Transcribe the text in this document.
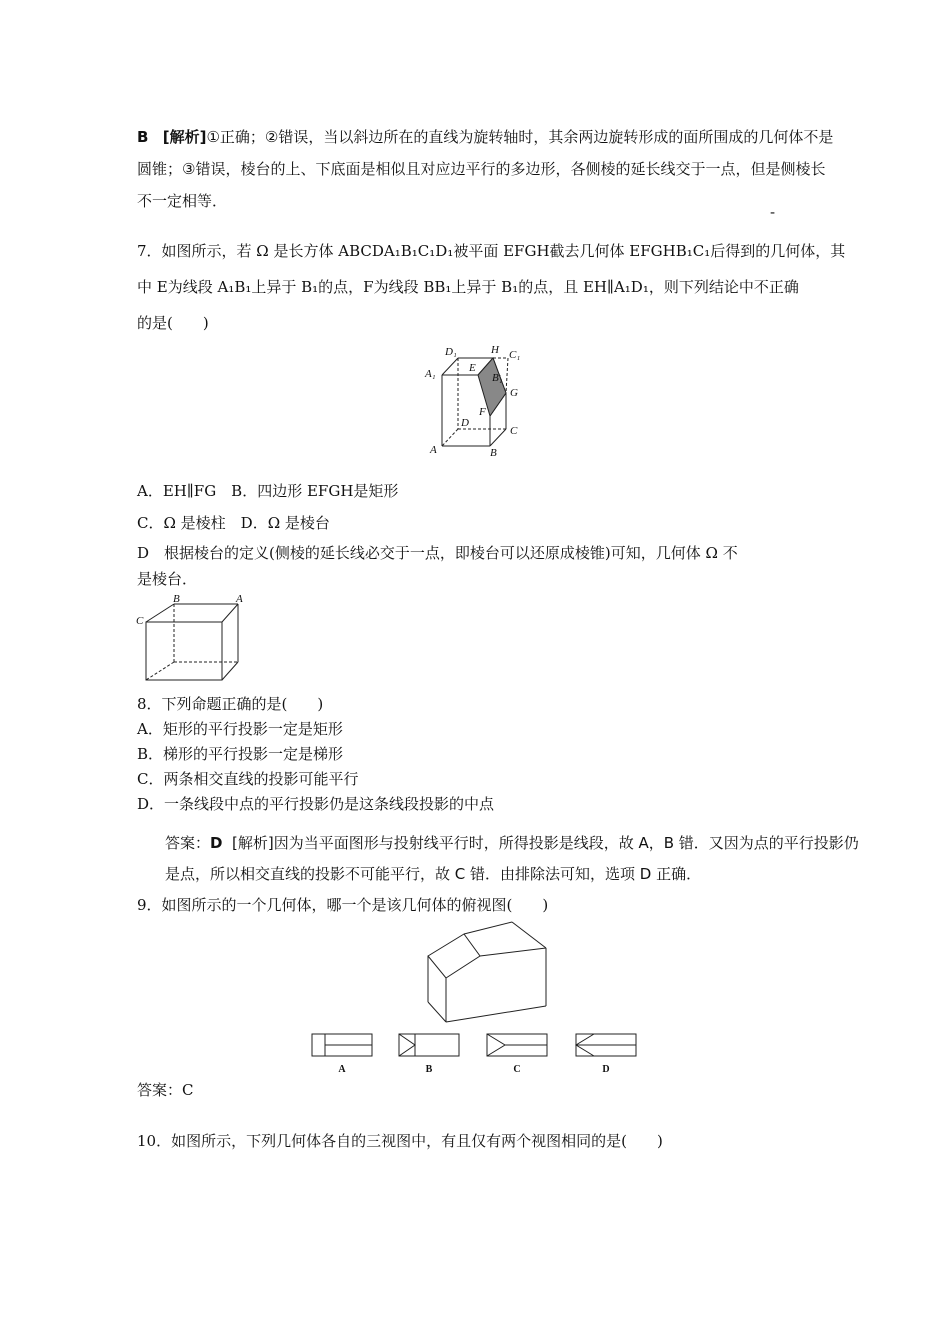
B [解析]①正确；②错误，当以斜边所在的直线为旋转轴时，其余两边旋转形成的面所围成的几何体不是
圆锥；③错误，棱台的上、下底面是相似且对应边平行的多边形，各侧棱的延长线交于一点，但是侧棱长
不一定相等．
-
7．如图所示，若 Ω 是长方体 ABCDA₁B₁C₁D₁被平面 EFGH截去几何体 EFGHB₁C₁后得到的几何体，其
中 E为线段 A₁B₁上异于 B₁的点，F为线段 BB₁上异于 B₁的点，且 EH∥A₁D₁，则下列结论中不正确
的是(　　)
D₁	H C₁
A₁	E
B₁
G
F
D
C
A	B
A．EH∥FG　B．四边形 EFGH是矩形
C．Ω 是棱柱　D．Ω 是棱台
D　根据棱台的定义(侧棱的延长线必交于一点，即棱台可以还原成棱锥)可知，几何体 Ω 不
是棱台．
C
B	A
8．下列命题正确的是(　　)
A．矩形的平行投影一定是矩形
B．梯形的平行投影一定是梯形
C．两条相交直线的投影可能平行
D．一条线段中点的平行投影仍是这条线段投影的中点
答案：D [解析]因为当平面图形与投射线平行时，所得投影是线段，故 A，B 错．又因为点的平行投影仍
是点，所以相交直线的投影不可能平行，故 C 错．由排除法可知，选项 D 正确．
9．如图所示的一个几何体，哪一个是该几何体的俯视图(　　)
A	B	C	D
答案：C
10．如图所示，下列几何体各自的三视图中，有且仅有两个视图相同的是(　　)
